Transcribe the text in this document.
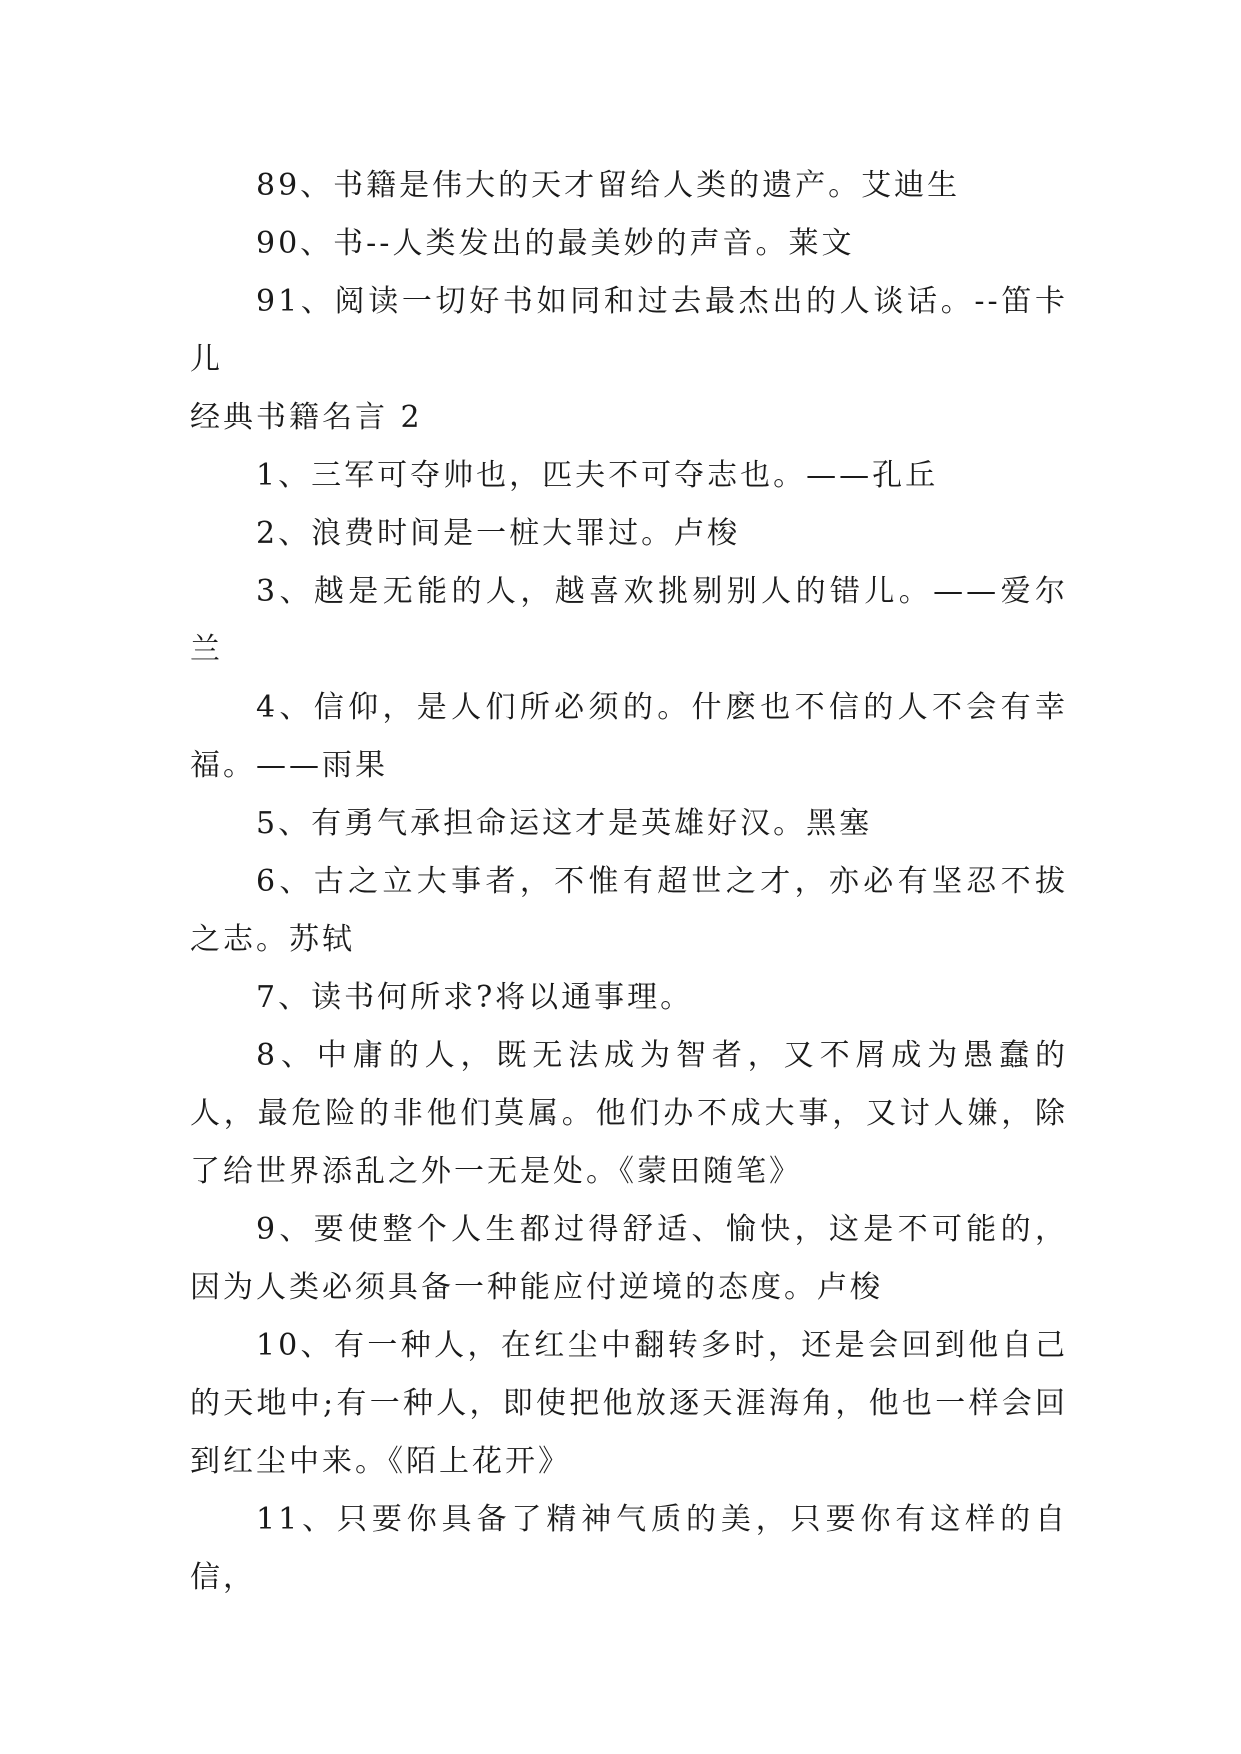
89、书籍是伟大的天才留给人类的遗产。艾迪生

90、书--人类发出的最美妙的声音。莱文

91、阅读一切好书如同和过去最杰出的人谈话。--笛卡儿

经典书籍名言 2

1、三军可夺帅也，匹夫不可夺志也。——孔丘

2、浪费时间是一桩大罪过。卢梭

3、越是无能的人，越喜欢挑剔别人的错儿。——爱尔兰

4、信仰，是人们所必须的。什麽也不信的人不会有幸福。——雨果

5、有勇气承担命运这才是英雄好汉。黑塞

6、古之立大事者，不惟有超世之才，亦必有坚忍不拔之志。苏轼

7、读书何所求?将以通事理。

8、中庸的人，既无法成为智者，又不屑成为愚蠢的人，最危险的非他们莫属。他们办不成大事，又讨人嫌，除了给世界添乱之外一无是处。《蒙田随笔》

9、要使整个人生都过得舒适、愉快，这是不可能的，因为人类必须具备一种能应付逆境的态度。卢梭

10、有一种人，在红尘中翻转多时，还是会回到他自己的天地中;有一种人，即使把他放逐天涯海角，他也一样会回到红尘中来。《陌上花开》

11、只要你具备了精神气质的美，只要你有这样的自信，
